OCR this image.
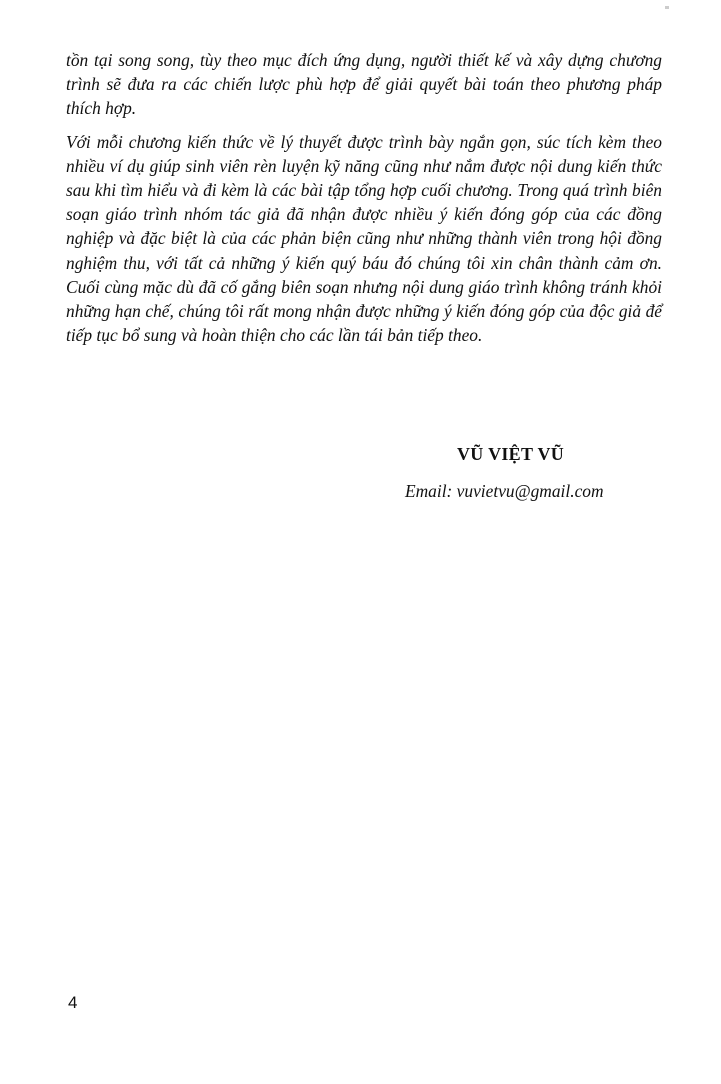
tồn tại song song, tùy theo mục đích ứng dụng, người thiết kế và xây dựng chương trình sẽ đưa ra các chiến lược phù hợp để giải quyết bài toán theo phương pháp thích hợp.

Với mỗi chương kiến thức về lý thuyết được trình bày ngắn gọn, súc tích kèm theo nhiều ví dụ giúp sinh viên rèn luyện kỹ năng cũng như nắm được nội dung kiến thức sau khi tìm hiểu và đi kèm là các bài tập tổng hợp cuối chương. Trong quá trình biên soạn giáo trình nhóm tác giả đã nhận được nhiều ý kiến đóng góp của các đồng nghiệp và đặc biệt là của các phản biện cũng như những thành viên trong hội đồng nghiệm thu, với tất cả những ý kiến quý báu đó chúng tôi xin chân thành cảm ơn. Cuối cùng mặc dù đã cố gắng biên soạn nhưng nội dung giáo trình không tránh khỏi những hạn chế, chúng tôi rất mong nhận được những ý kiến đóng góp của độc giả để tiếp tục bổ sung và hoàn thiện cho các lần tái bản tiếp theo.

VŨ VIỆT VŨ
Email: vuvietvu@gmail.com
4
